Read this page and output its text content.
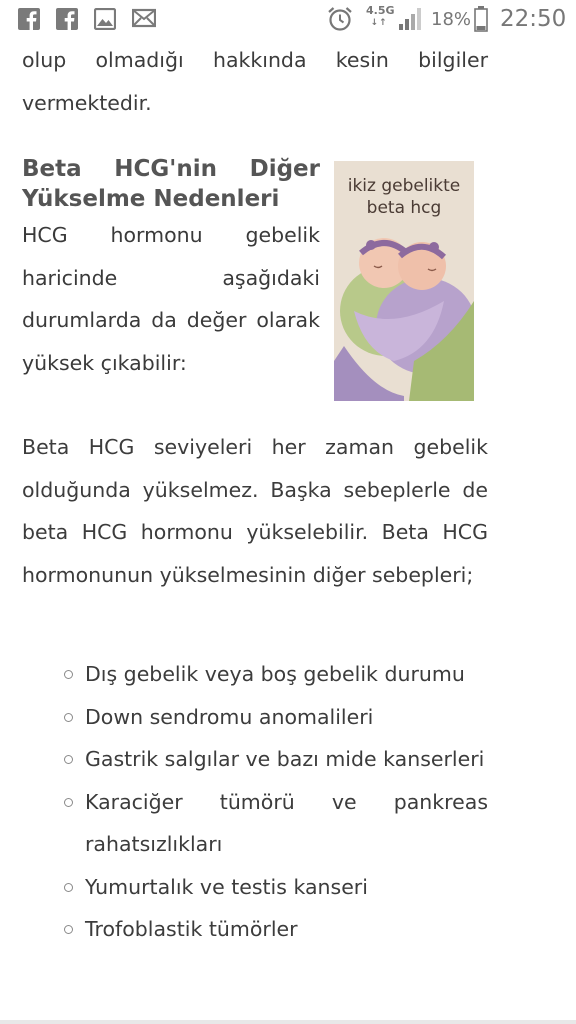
4.5G
↓↑ 18% 22:50

olup olmadığı hakkında kesin bilgiler vermektedir.

Beta HCG'nin Diğer Yükselme Nedenleri

HCG hormonu gebelik haricinde aşağıdaki durumlarda da değer olarak yüksek çıkabilir:

ikiz gebelikte
beta hcg

Beta HCG seviyeleri her zaman gebelik olduğunda yükselmez. Başka sebeplerle de beta HCG hormonu yükselebilir. Beta HCG hormonunun yükselmesinin diğer sebepleri;

Dış gebelik veya boş gebelik durumu
Down sendromu anomalileri
Gastrik salgılar ve bazı mide kanserleri
Karaciğer tümörü ve pankreas rahatsızlıkları
Yumurtalık ve testis kanseri
Trofoblastik tümörler
